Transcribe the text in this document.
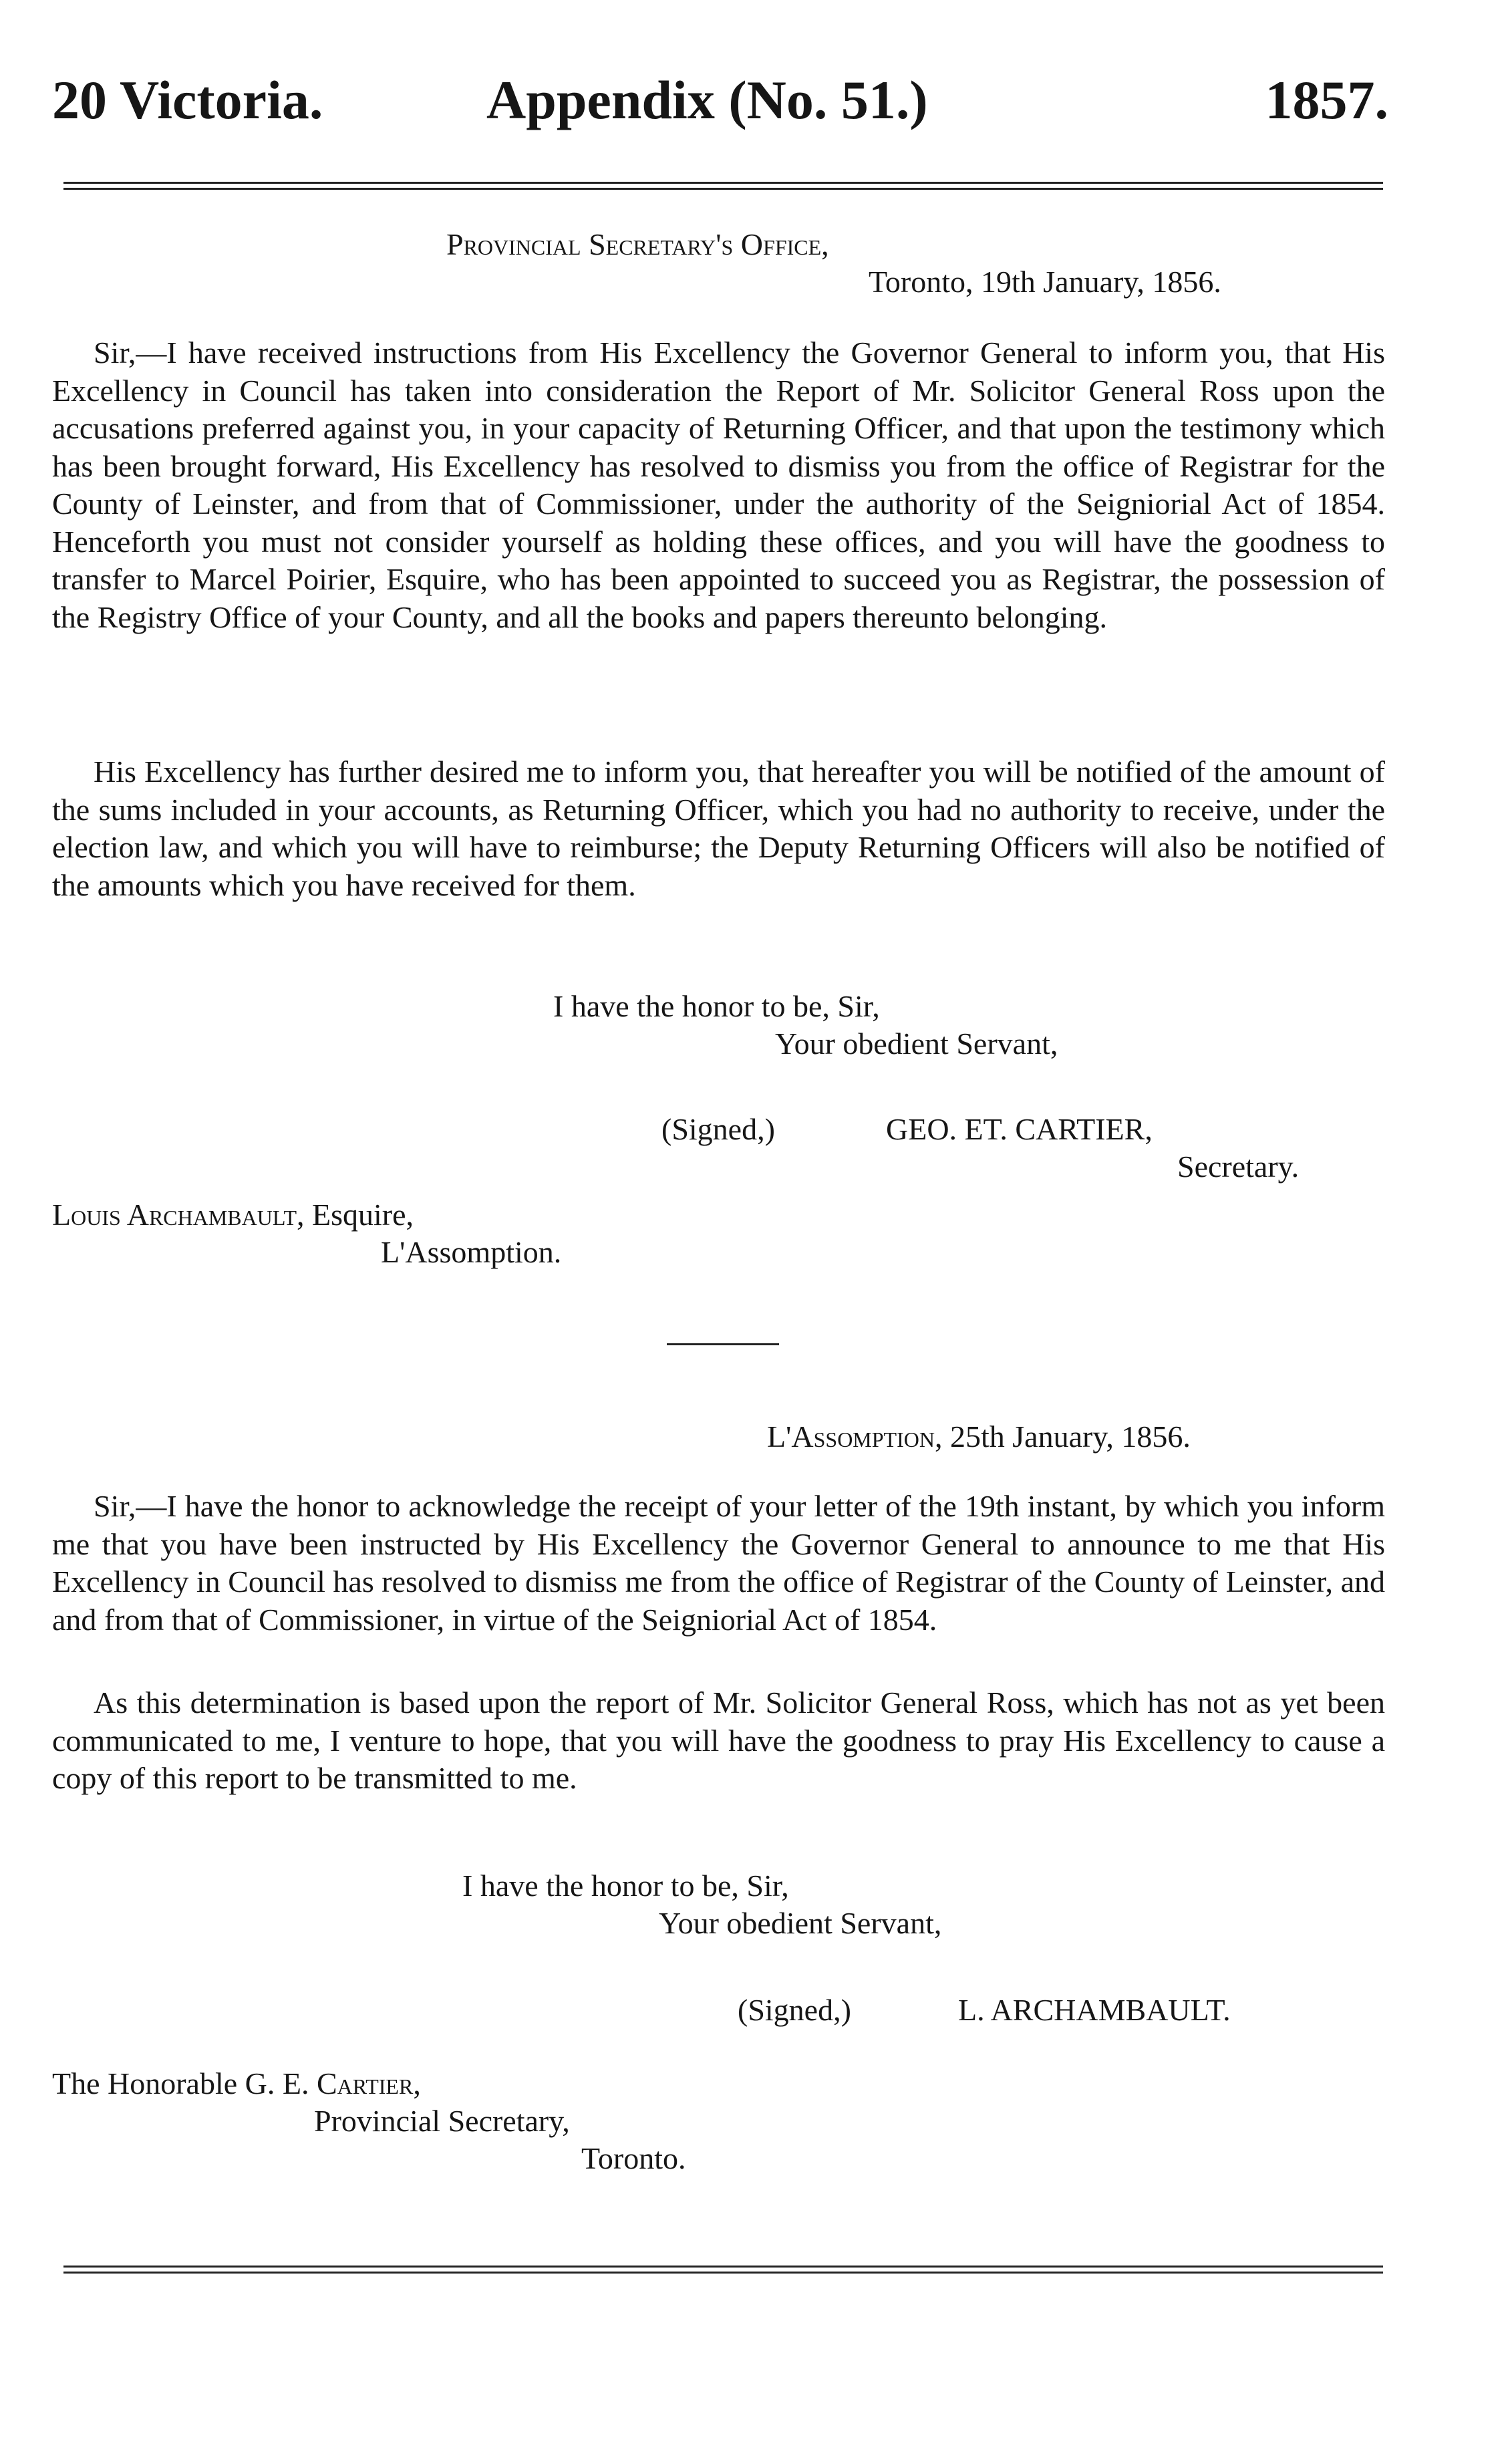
20 Victoria.	Appendix (No. 51.)	1857.
Provincial Secretary's Office,
Toronto, 19th January, 1856.

Sir,—I have received instructions from His Excellency the Governor General to inform you, that His Excellency in Council has taken into consideration the Report of Mr. Solicitor General Ross upon the accusations preferred against you, in your capacity of Returning Officer, and that upon the testimony which has been brought forward, His Excellency has resolved to dismiss you from the office of Registrar for the County of Leinster, and from that of Commissioner, under the authority of the Seigniorial Act of 1854. Henceforth you must not consider yourself as holding these offices, and you will have the goodness to transfer to Marcel Poirier, Esquire, who has been appointed to succeed you as Registrar, the possession of the Registry Office of your County, and all the books and papers thereunto belonging.

His Excellency has further desired me to inform you, that hereafter you will be notified of the amount of the sums included in your accounts, as Returning Officer, which you had no authority to receive, under the election law, and which you will have to reimburse; the Deputy Returning Officers will also be notified of the amounts which you have received for them.

I have the honor to be, Sir,
Your obedient Servant,
(Signed,)	GEO. ET. CARTIER,
Secretary.
Louis Archambault, Esquire,
L'Assomption.
L'Assomption, 25th January, 1856.

Sir,—I have the honor to acknowledge the receipt of your letter of the 19th instant, by which you inform me that you have been instructed by His Excellency the Governor General to announce to me that His Excellency in Council has resolved to dismiss me from the office of Registrar of the County of Leinster, and and from that of Commissioner, in virtue of the Seigniorial Act of 1854.

As this determination is based upon the report of Mr. Solicitor General Ross, which has not as yet been communicated to me, I venture to hope, that you will have the goodness to pray His Excellency to cause a copy of this report to be transmitted to me.

I have the honor to be, Sir,
Your obedient Servant,
(Signed,)	L. ARCHAMBAULT.
The Honorable G. E. Cartier,
Provincial Secretary,
Toronto.
